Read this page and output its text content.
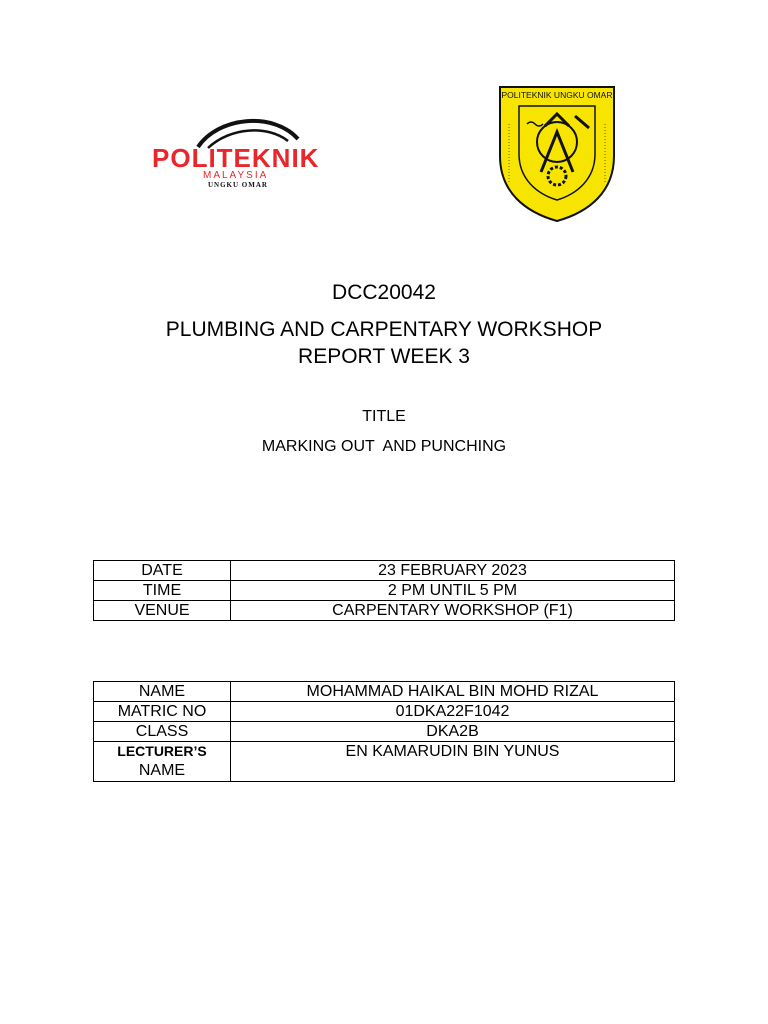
POLITEKNIK
MALAYSIA
UNGKU OMAR
POLITEKNIK UNGKU OMAR
DCC20042
PLUMBING AND CARPENTARY WORKSHOP
REPORT WEEK 3
TITLE
MARKING OUT  AND PUNCHING
DATE	23 FEBRUARY 2023
TIME	2 PM UNTIL 5 PM
VENUE	CARPENTARY WORKSHOP (F1)
NAME	MOHAMMAD HAIKAL BIN MOHD RIZAL
MATRIC NO	01DKA22F1042
CLASS	DKA2B

LECTURER’S
NAME	EN KAMARUDIN BIN YUNUS
